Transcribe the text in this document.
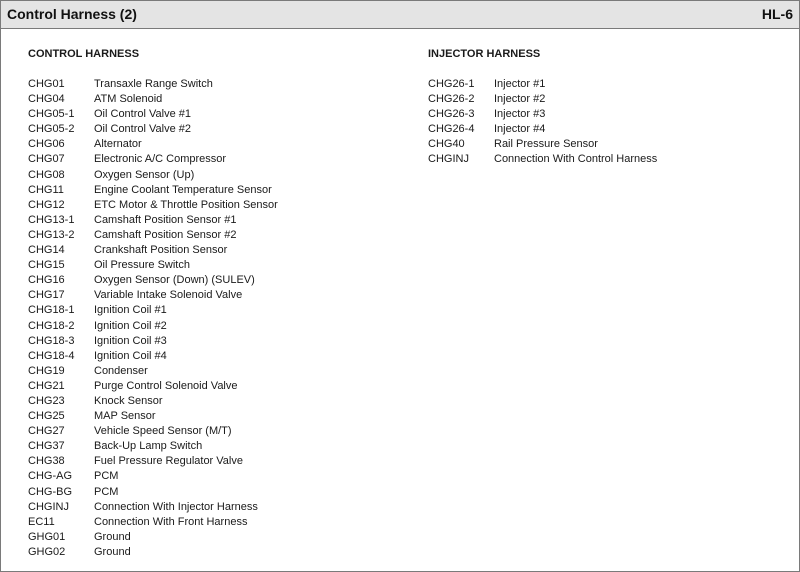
Control Harness (2)	HL-6
CONTROL HARNESS
CHG01	Transaxle Range Switch
CHG04	ATM Solenoid
CHG05-1	Oil Control Valve #1
CHG05-2	Oil Control Valve #2
CHG06	Alternator
CHG07	Electronic A/C Compressor
CHG08	Oxygen Sensor (Up)
CHG11	Engine Coolant Temperature Sensor
CHG12	ETC Motor & Throttle Position Sensor
CHG13-1	Camshaft Position Sensor #1
CHG13-2	Camshaft Position Sensor #2
CHG14	Crankshaft Position Sensor
CHG15	Oil Pressure Switch
CHG16	Oxygen Sensor (Down) (SULEV)
CHG17	Variable Intake Solenoid Valve
CHG18-1	Ignition Coil #1
CHG18-2	Ignition Coil #2
CHG18-3	Ignition Coil #3
CHG18-4	Ignition Coil #4
CHG19	Condenser
CHG21	Purge Control Solenoid Valve
CHG23	Knock Sensor
CHG25	MAP Sensor
CHG27	Vehicle Speed Sensor (M/T)
CHG37	Back-Up Lamp Switch
CHG38	Fuel Pressure Regulator Valve
CHG-AG	PCM
CHG-BG	PCM
CHGINJ	Connection With Injector Harness
EC11	Connection With Front Harness
GHG01	Ground
GHG02	Ground
INJECTOR HARNESS
CHG26-1	Injector #1
CHG26-2	Injector #2
CHG26-3	Injector #3
CHG26-4	Injector #4
CHG40	Rail Pressure Sensor
CHGINJ	Connection With Control Harness
